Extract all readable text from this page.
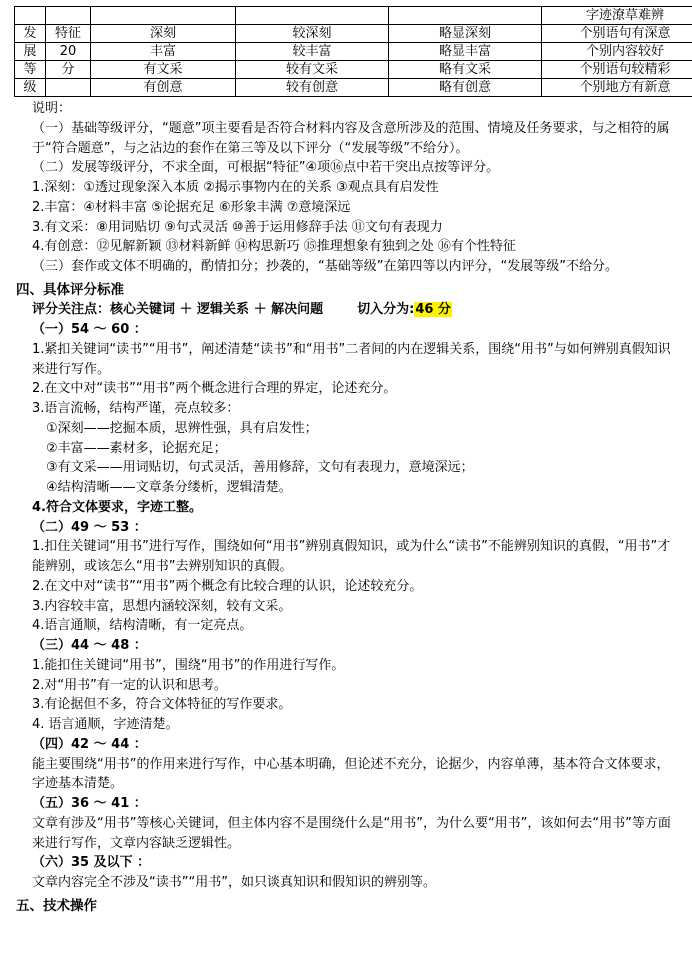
					字迹潦草难辨
发	特征	深刻	较深刻	略显深刻	个别语句有深意
展	20	丰富	较丰富	略显丰富	个别内容较好
等	分	有文采	较有文采	略有文采	个别语句较精彩
级		有创意	较有创意	略有创意	个别地方有新意
说明：
（一）基础等级评分，“题意”项主要看是否符合材料内容及含意所涉及的范围、情境及任务要求，与之相符的属于“符合题意”，与之沾边的套作在第三等及以下评分（“发展等级”不给分）。
（二）发展等级评分，不求全面，可根据“特征”④项⑯点中若干突出点按等评分。
1.深刻：①透过现象深入本质 ②揭示事物内在的关系 ③观点具有启发性
2.丰富：④材料丰富 ⑤论据充足 ⑥形象丰满 ⑦意境深远
3.有文采：⑧用词贴切 ⑨句式灵活 ⑩善于运用修辞手法 ⑪文句有表现力
4.有创意：⑫见解新颖 ⑬材料新鲜 ⑭构思新巧 ⑮推理想象有独到之处 ⑯有个性特征
（三）套作或文体不明确的，酌情扣分；抄袭的，“基础等级”在第四等以内评分，“发展等级”不给分。
四、具体评分标准
评分关注点：核心关键词 ＋ 逻辑关系 ＋ 解决问题	切入分为:46 分
（一）54 ～ 60 ：
1.紧扣关键词“读书”“用书”，阐述清楚“读书”和“用书”二者间的内在逻辑关系，围绕“用书”与如何辨别真假知识来进行写作。
2.在文中对“读书”“用书”两个概念进行合理的界定，论述充分。
3.语言流畅，结构严谨，亮点较多：
①深刻——挖掘本质，思辨性强，具有启发性；
②丰富——素材多，论据充足；
③有文采——用词贴切，句式灵活，善用修辞，文句有表现力，意境深远；
④结构清晰——文章条分缕析，逻辑清楚。
4.符合文体要求，字迹工整。
（二）49 ～ 53 ：
1.扣住关键词“用书”进行写作，围绕如何“用书”辨别真假知识，或为什么“读书”不能辨别知识的真假，“用书”才能辨别，或该怎么“用书”去辨别知识的真假。
2.在文中对“读书”“用书”两个概念有比较合理的认识，论述较充分。
3.内容较丰富，思想内涵较深刻，较有文采。
4.语言通顺，结构清晰，有一定亮点。
（三）44 ～ 48 ：
1.能扣住关键词“用书”，围绕“用书”的作用进行写作。
2.对“用书”有一定的认识和思考。
3.有论据但不多，符合文体特征的写作要求。
4. 语言通顺，字迹清楚。
（四）42 ～ 44 ：
能主要围绕“用书”的作用来进行写作，中心基本明确，但论述不充分，论据少，内容单薄，基本符合文体要求，字迹基本清楚。
（五）36 ～ 41 ：
文章有涉及“用书”等核心关键词，但主体内容不是围绕什么是“用书”，为什么要“用书”，该如何去“用书”等方面来进行写作，文章内容缺乏逻辑性。
（六）35 及以下 ：
文章内容完全不涉及“读书”“用书”，如只谈真知识和假知识的辨别等。
五、技术操作
